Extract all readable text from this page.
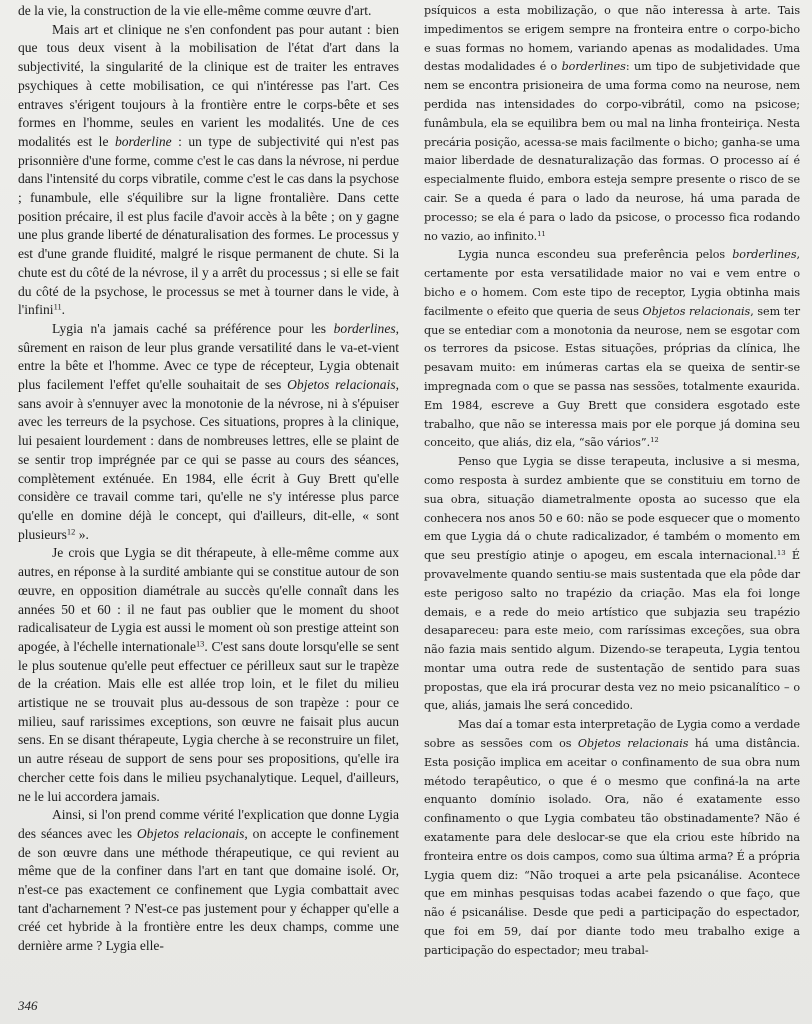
de la vie, la construction de la vie elle-même comme œuvre d'art.

Mais art et clinique ne s'en confondent pas pour autant : bien que tous deux visent à la mobilisation de l'état d'art dans la subjectivité, la singularité de la clinique est de traiter les entraves psychiques à cette mobilisation, ce qui n'intéresse pas l'art. Ces entraves s'érigent toujours à la frontière entre le corps-bête et ses formes en l'homme, seules en varient les modalités. Une de ces modalités est le borderline : un type de subjectivité qui n'est pas prisonnière d'une forme, comme c'est le cas dans la névrose, ni perdue dans l'intensité du corps vibratile, comme c'est le cas dans la psychose ; funambule, elle s'équilibre sur la ligne frontalière. Dans cette position précaire, il est plus facile d'avoir accès à la bête ; on y gagne une plus grande liberté de dénaturalisation des formes. Le processus y est d'une grande fluidité, malgré le risque permanent de chute. Si la chute est du côté de la névrose, il y a arrêt du processus ; si elle se fait du côté de la psychose, le processus se met à tourner dans le vide, à l'infini$^{11}$.

Lygia n'a jamais caché sa préférence pour les borderlines, sûrement en raison de leur plus grande versatilité dans le va-et-vient entre la bête et l'homme. Avec ce type de récepteur, Lygia obtenait plus facilement l'effet qu'elle souhaitait de ses Objetos relacionais, sans avoir à s'ennuyer avec la monotonie de la névrose, ni à s'épuiser avec les terreurs de la psychose. Ces situations, propres à la clinique, lui pesaient lourdement : dans de nombreuses lettres, elle se plaint de se sentir trop imprégnée par ce qui se passe au cours des séances, complètement exténuée. En 1984, elle écrit à Guy Brett qu'elle considère ce travail comme tari, qu'elle ne s'y intéresse plus parce qu'elle en domine déjà le concept, qui d'ailleurs, dit-elle, « sont plusieurs$^{12}$ ».

Je crois que Lygia se dit thérapeute, à elle-même comme aux autres, en réponse à la surdité ambiante qui se constitue autour de son œuvre, en opposition diamétrale au succès qu'elle connaît dans les années 50 et 60 : il ne faut pas oublier que le moment du shoot radicalisateur de Lygia est aussi le moment où son prestige atteint son apogée, à l'échelle internationale$^{13}$. C'est sans doute lorsqu'elle se sent le plus soutenue qu'elle peut effectuer ce périlleux saut sur le trapèze de la création. Mais elle est allée trop loin, et le filet du milieu artistique ne se trouvait plus au-dessous de son trapèze : pour ce milieu, sauf rarissimes exceptions, son œuvre ne faisait plus aucun sens. En se disant thérapeute, Lygia cherche à se reconstruire un filet, un autre réseau de support de sens pour ses propositions, qu'elle ira chercher cette fois dans le milieu psychanalytique. Lequel, d'ailleurs, ne le lui accordera jamais.

Ainsi, si l'on prend comme vérité l'explication que donne Lygia des séances avec les Objetos relacionais, on accepte le confinement de son œuvre dans une méthode thérapeutique, ce qui revient au même que de la confiner dans l'art en tant que domaine isolé. Or, n'est-ce pas exactement ce confinement que Lygia combattait avec tant d'acharnement ? N'est-ce pas justement pour y échapper qu'elle a créé cet hybride à la frontière entre les deux champs, comme une dernière arme ? Lygia elle-

psíquicos a esta mobilização, o que não interessa à arte. Tais impedimentos se erigem sempre na fronteira entre o corpo-bicho e suas formas no homem, variando apenas as modalidades. Uma destas modalidades é o borderlines: um tipo de subjetividade que nem se encontra prisioneira de uma forma como na neurose, nem perdida nas intensidades do corpo-vibrátil, como na psicose; funâmbula, ela se equilibra bem ou mal na linha fronteiriça. Nesta precária posição, acessa-se mais facilmente o bicho; ganha-se uma maior liberdade de desnaturalização das formas. O processo aí é especialmente fluido, embora esteja sempre presente o risco de se cair. Se a queda é para o lado da neurose, há uma parada de processo; se ela é para o lado da psicose, o processo fica rodando no vazio, ao infinito.$^{11}$

Lygia nunca escondeu sua preferência pelos borderlines, certamente por esta versatilidade maior no vai e vem entre o bicho e o homem. Com este tipo de receptor, Lygia obtinha mais facilmente o efeito que queria de seus Objetos relacionais, sem ter que se entediar com a monotonia da neurose, nem se esgotar com os terrores da psicose. Estas situações, próprias da clínica, lhe pesavam muito: em inúmeras cartas ela se queixa de sentir-se impregnada com o que se passa nas sessões, totalmente exaurida. Em 1984, escreve a Guy Brett que considera esgotado este trabalho, que não se interessa mais por ele porque já domina seu conceito, que aliás, diz ela, “são vários”.$^{12}$

Penso que Lygia se disse terapeuta, inclusive a si mesma, como resposta à surdez ambiente que se constituiu em torno de sua obra, situação diametralmente oposta ao sucesso que ela conhecera nos anos 50 e 60: não se pode esquecer que o momento em que Lygia dá o chute radicalizador, é também o momento em que seu prestígio atinje o apogeu, em escala internacional.$^{13}$ É provavelmente quando sentiu-se mais sustentada que ela pôde dar este perigoso salto no trapézio da criação. Mas ela foi longe demais, e a rede do meio artístico que subjazia seu trapézio desapareceu: para este meio, com raríssimas exceções, sua obra não fazia mais sentido algum. Dizendo-se terapeuta, Lygia tentou montar uma outra rede de sustentação de sentido para suas propostas, que ela irá procurar desta vez no meio psicanalítico – o que, aliás, jamais lhe será concedido.

Mas daí a tomar esta interpretação de Lygia como a verdade sobre as sessões com os Objetos relacionais há uma distância. Esta posição implica em aceitar o confinamento de sua obra num método terapêutico, o que é o mesmo que confiná-la na arte enquanto domínio isolado. Ora, não é exatamente esso confinamento o que Lygia combateu tão obstinadamente? Não é exatamente para dele deslocar-se que ela criou este híbrido na fronteira entre os dois campos, como sua última arma? É a própria Lygia quem diz: “Não troquei a arte pela psicanálise. Acontece que em minhas pesquisas todas acabei fazendo o que faço, que não é psicanálise. Desde que pedi a participação do espectador, que foi em 59, daí por diante todo meu trabalho exige a participação do espectador; meu trabal-

346
